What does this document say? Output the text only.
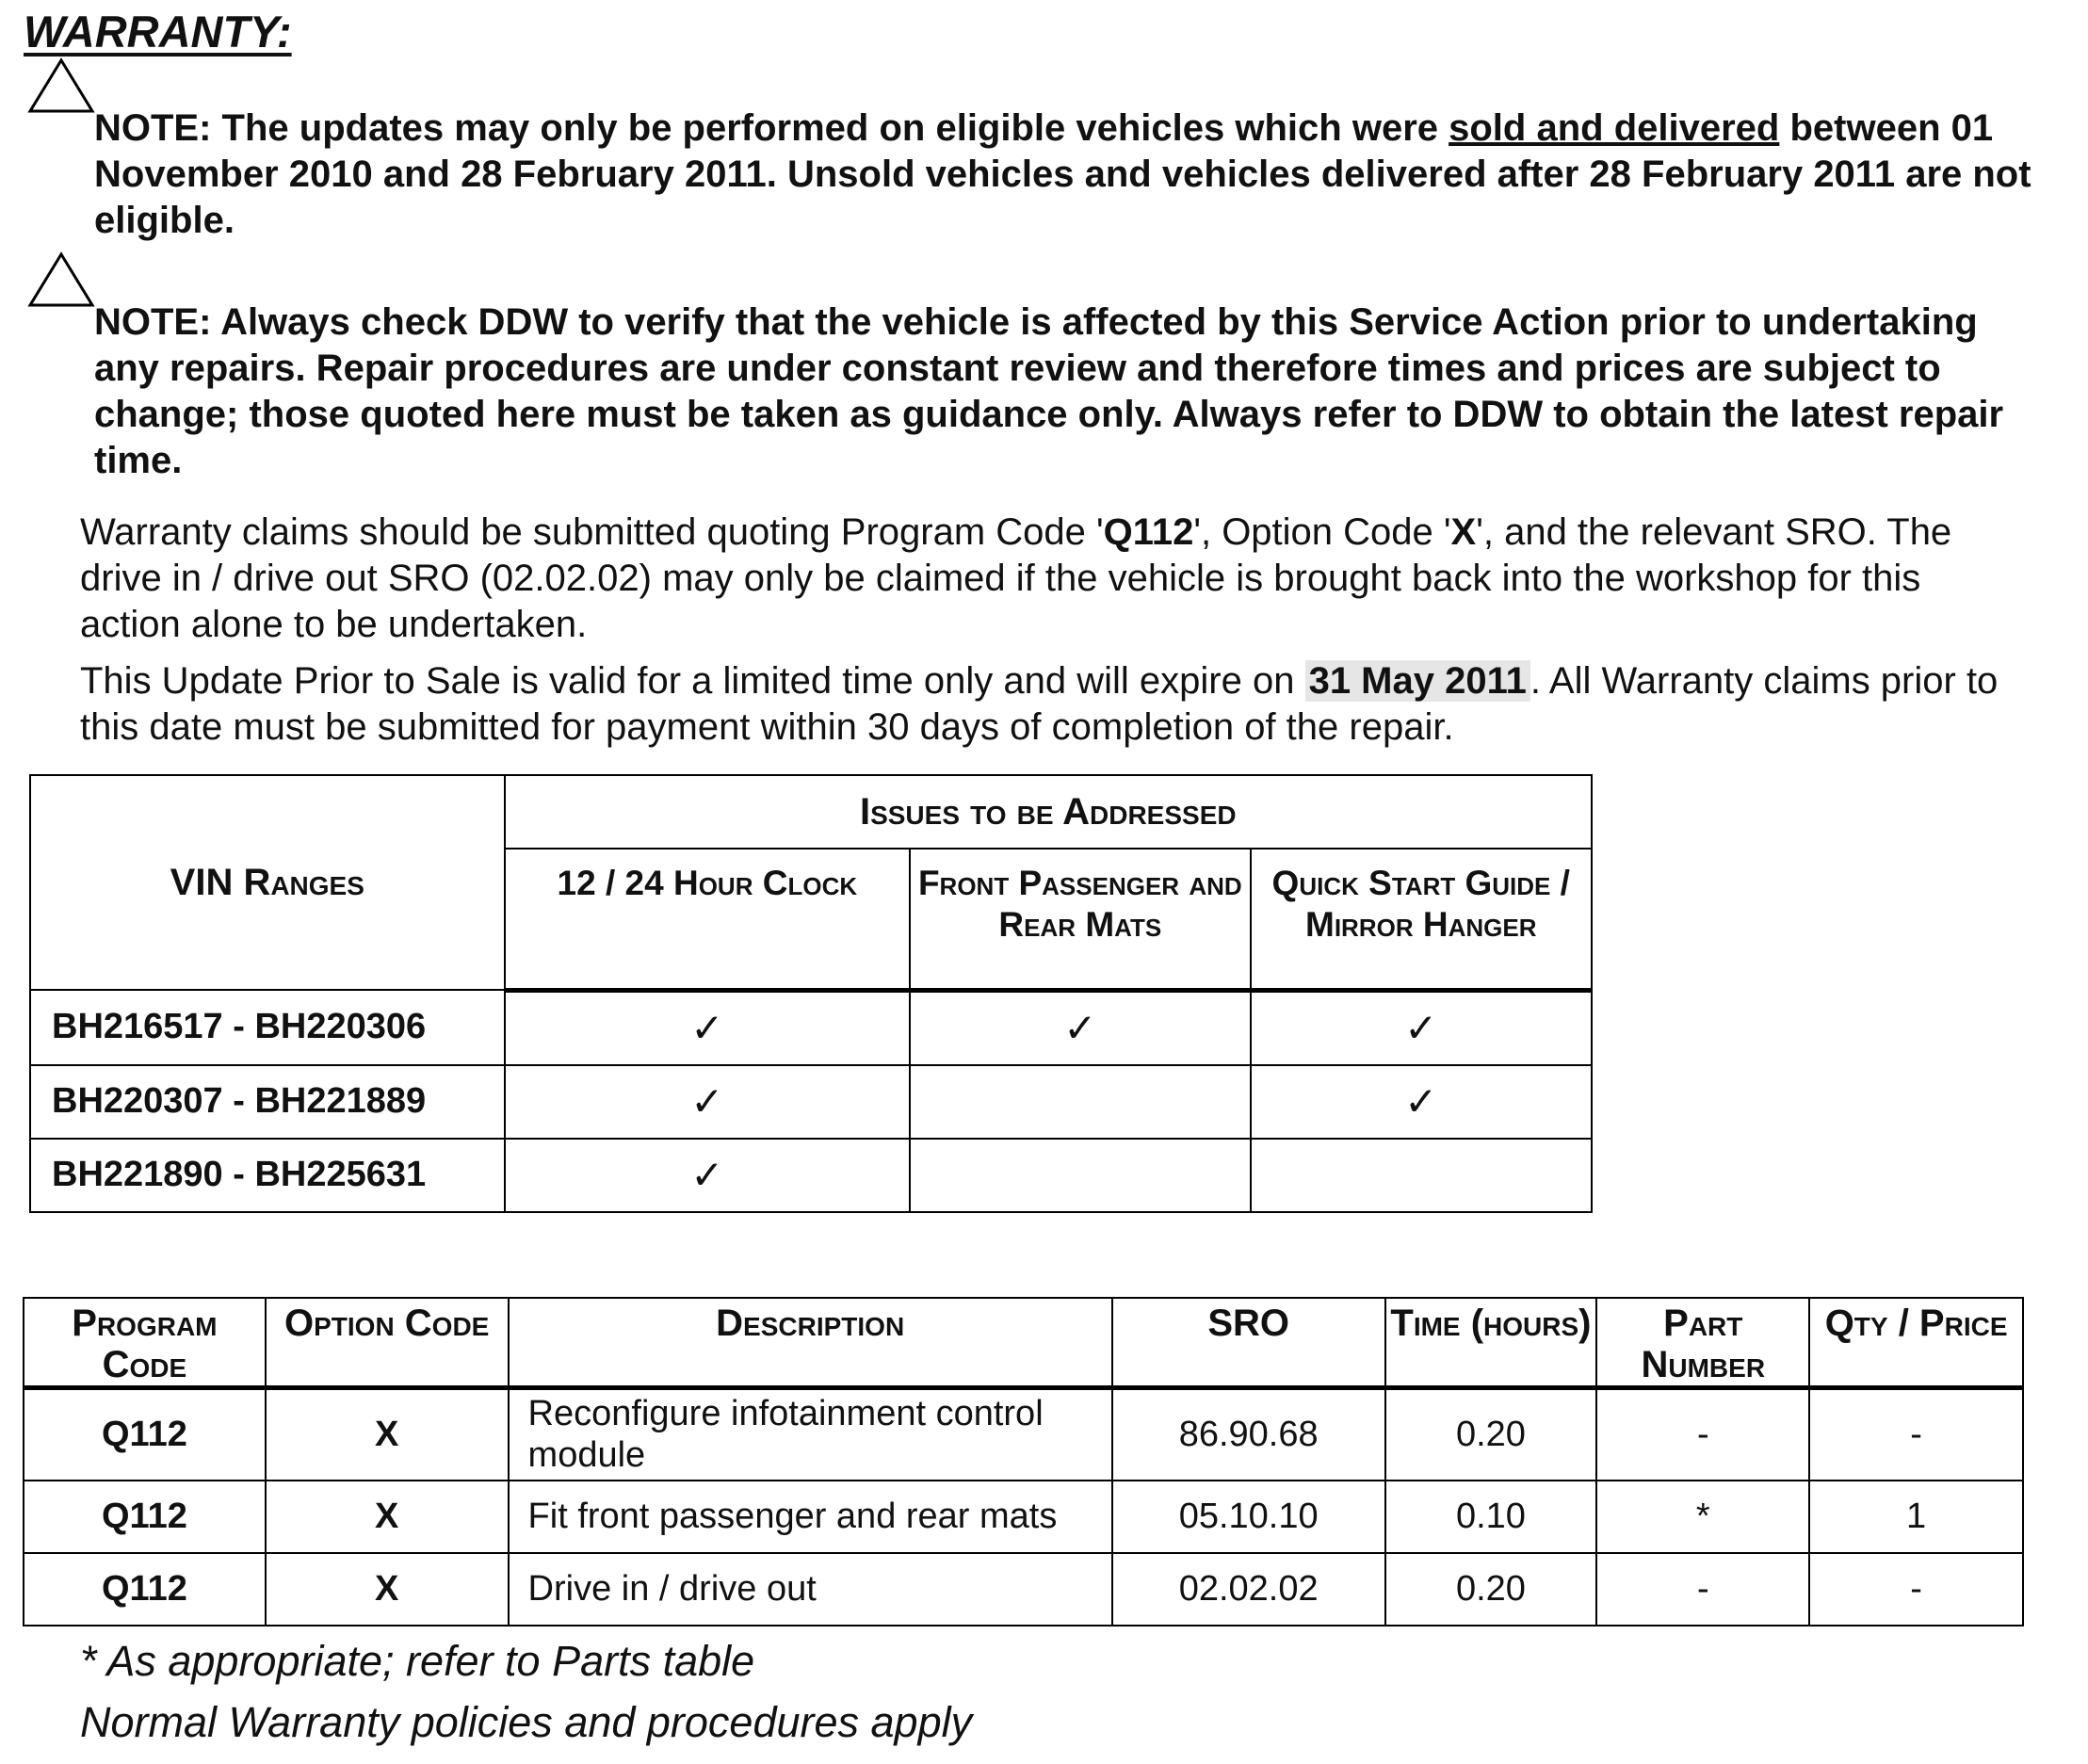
WARRANTY:
NOTE: The updates may only be performed on eligible vehicles which were sold and delivered between 01 November 2010 and 28 February 2011. Unsold vehicles and vehicles delivered after 28 February 2011 are not eligible.
NOTE: Always check DDW to verify that the vehicle is affected by this Service Action prior to undertaking any repairs. Repair procedures are under constant review and therefore times and prices are subject to change; those quoted here must be taken as guidance only. Always refer to DDW to obtain the latest repair time.
Warranty claims should be submitted quoting Program Code 'Q112', Option Code 'X', and the relevant SRO. The drive in / drive out SRO (02.02.02) may only be claimed if the vehicle is brought back into the workshop for this action alone to be undertaken.
This Update Prior to Sale is valid for a limited time only and will expire on 31 May 2011 . All Warranty claims prior to this date must be submitted for payment within 30 days of completion of the repair.
VIN Ranges	Issues to be Addressed		
	12 / 24 Hour Clock	Front Passenger and Rear Mats	Quick Start Guide / Mirror Hanger
BH216517 - BH220306	✓	✓	✓
BH220307 - BH221889	✓		✓
BH221890 - BH225631	✓		
Program Code	Option Code	Description	SRO	Time (hours)	Part Number	Qty / Price
Q112	X	Reconfigure infotainment control module	86.90.68	0.20	-	-
Q112	X	Fit front passenger and rear mats	05.10.10	0.10	*	1
Q112	X	Drive in / drive out	02.02.02	0.20	-	-
* As appropriate; refer to Parts table
Normal Warranty policies and procedures apply
